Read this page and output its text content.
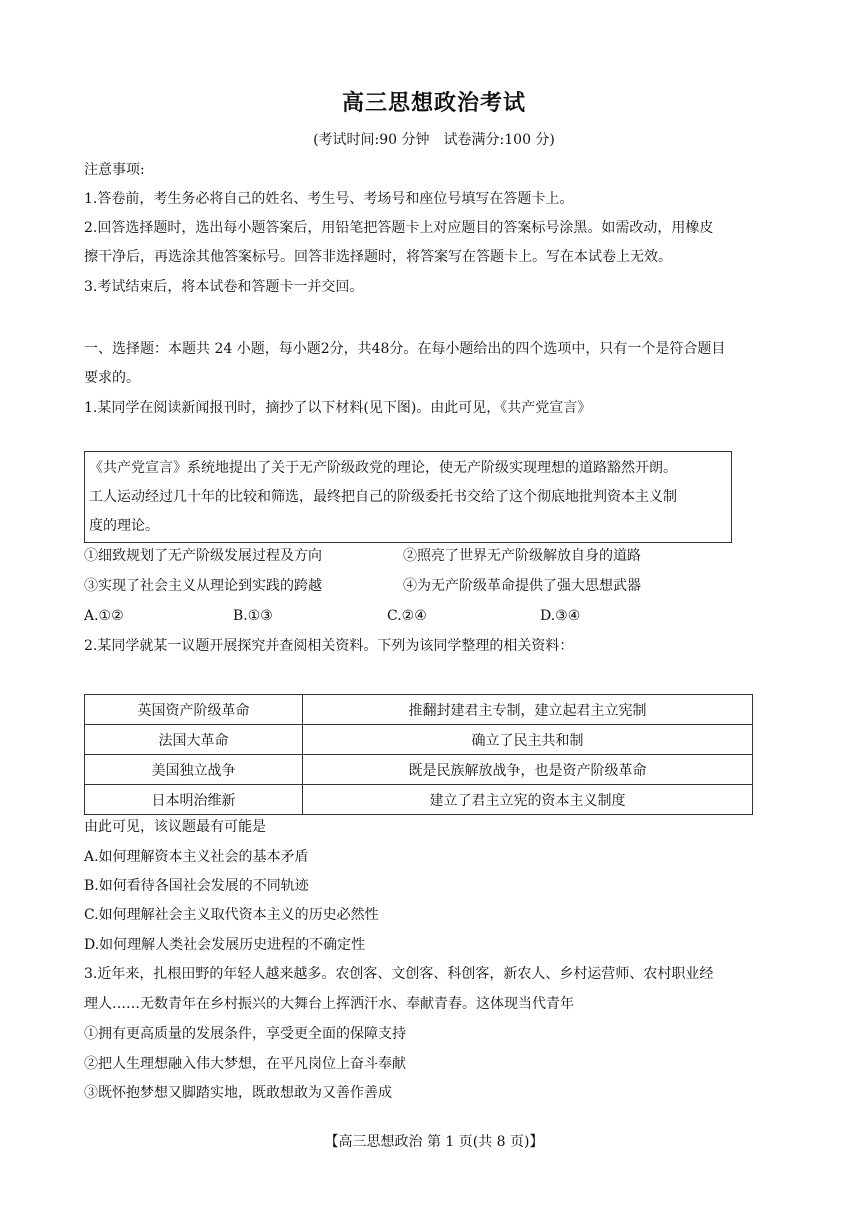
高三思想政治考试
(考试时间:90 分钟　试卷满分:100 分)
注意事项:
1.答卷前，考生务必将自己的姓名、考生号、考场号和座位号填写在答题卡上。
2.回答选择题时，选出每小题答案后，用铅笔把答题卡上对应题目的答案标号涂黑。如需改动，用橡皮
擦干净后，再选涂其他答案标号。回答非选择题时，将答案写在答题卡上。写在本试卷上无效。
3.考试结束后，将本试卷和答题卡一并交回。
一、选择题：本题共 24 小题，每小题2分，共48分。在每小题给出的四个选项中，只有一个是符合题目
要求的。
1.某同学在阅读新闻报刊时，摘抄了以下材料(见下图)。由此可见，《共产党宣言》
《共产党宣言》系统地提出了关于无产阶级政党的理论，使无产阶级实现理想的道路豁然开朗。
工人运动经过几十年的比较和筛选，最终把自己的阶级委托书交给了这个彻底地批判资本主义制
度的理论。
①细致规划了无产阶级发展过程及方向	②照亮了世界无产阶级解放自身的道路
③实现了社会主义从理论到实践的跨越	④为无产阶级革命提供了强大思想武器
A.①②	B.①③	C.②④	D.③④
2.某同学就某一议题开展探究并查阅相关资料。下列为该同学整理的相关资料：
英国资产阶级革命	推翻封建君主专制，建立起君主立宪制
法国大革命	确立了民主共和制
美国独立战争	既是民族解放战争，也是资产阶级革命
日本明治维新	建立了君主立宪的资本主义制度
由此可见，该议题最有可能是
A.如何理解资本主义社会的基本矛盾
B.如何看待各国社会发展的不同轨迹
C.如何理解社会主义取代资本主义的历史必然性
D.如何理解人类社会发展历史进程的不确定性
3.近年来，扎根田野的年轻人越来越多。农创客、文创客、科创客，新农人、乡村运营师、农村职业经
理人……无数青年在乡村振兴的大舞台上挥洒汗水、奉献青春。这体现当代青年
①拥有更高质量的发展条件，享受更全面的保障支持
②把人生理想融入伟大梦想，在平凡岗位上奋斗奉献
③既怀抱梦想又脚踏实地，既敢想敢为又善作善成
【高三思想政治 第 1 页(共 8 页)】
